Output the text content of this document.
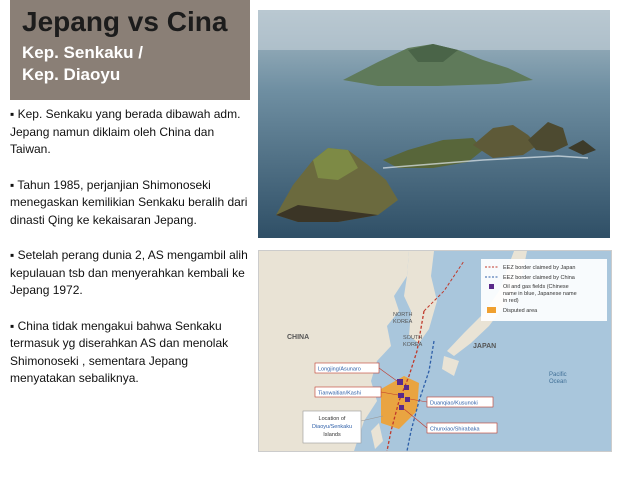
Jepang vs Cina
Kep. Senkaku /
Kep. Diaoyu
▪ Kep. Senkaku yang berada dibawah adm. Jepang namun diklaim oleh China dan Taiwan.
▪ Tahun 1985, perjanjian Shimonoseki menegaskan kemilikian Senkaku beralih dari dinasti Qing ke kekaisaran Jepang.
▪ Setelah perang dunia 2, AS mengambil alih kepulauan tsb dan menyerahkan kembali ke Jepang 1972.
▪ China tidak mengakui bahwa Senkaku termasuk yg diserahkan AS dan menolak Shimonoseki , sementara Jepang menyatakan sebaliknya.
EEZ border claimed by Japan
EEZ border claimed by China
Oil and gas fields (Chinese
name in blue, Japanese name
in red)
Disputed area
CHINA
NORTH
KOREA
SOUTH
KOREA	JAPAN
Pacific
Ocean
Longjing/Asunaro
Tianwaitian/Kashi
Duanqiao/Kusunoki
Chunxiao/Shirabaka
Location of
Diaoyu/Senkaku
Islands
